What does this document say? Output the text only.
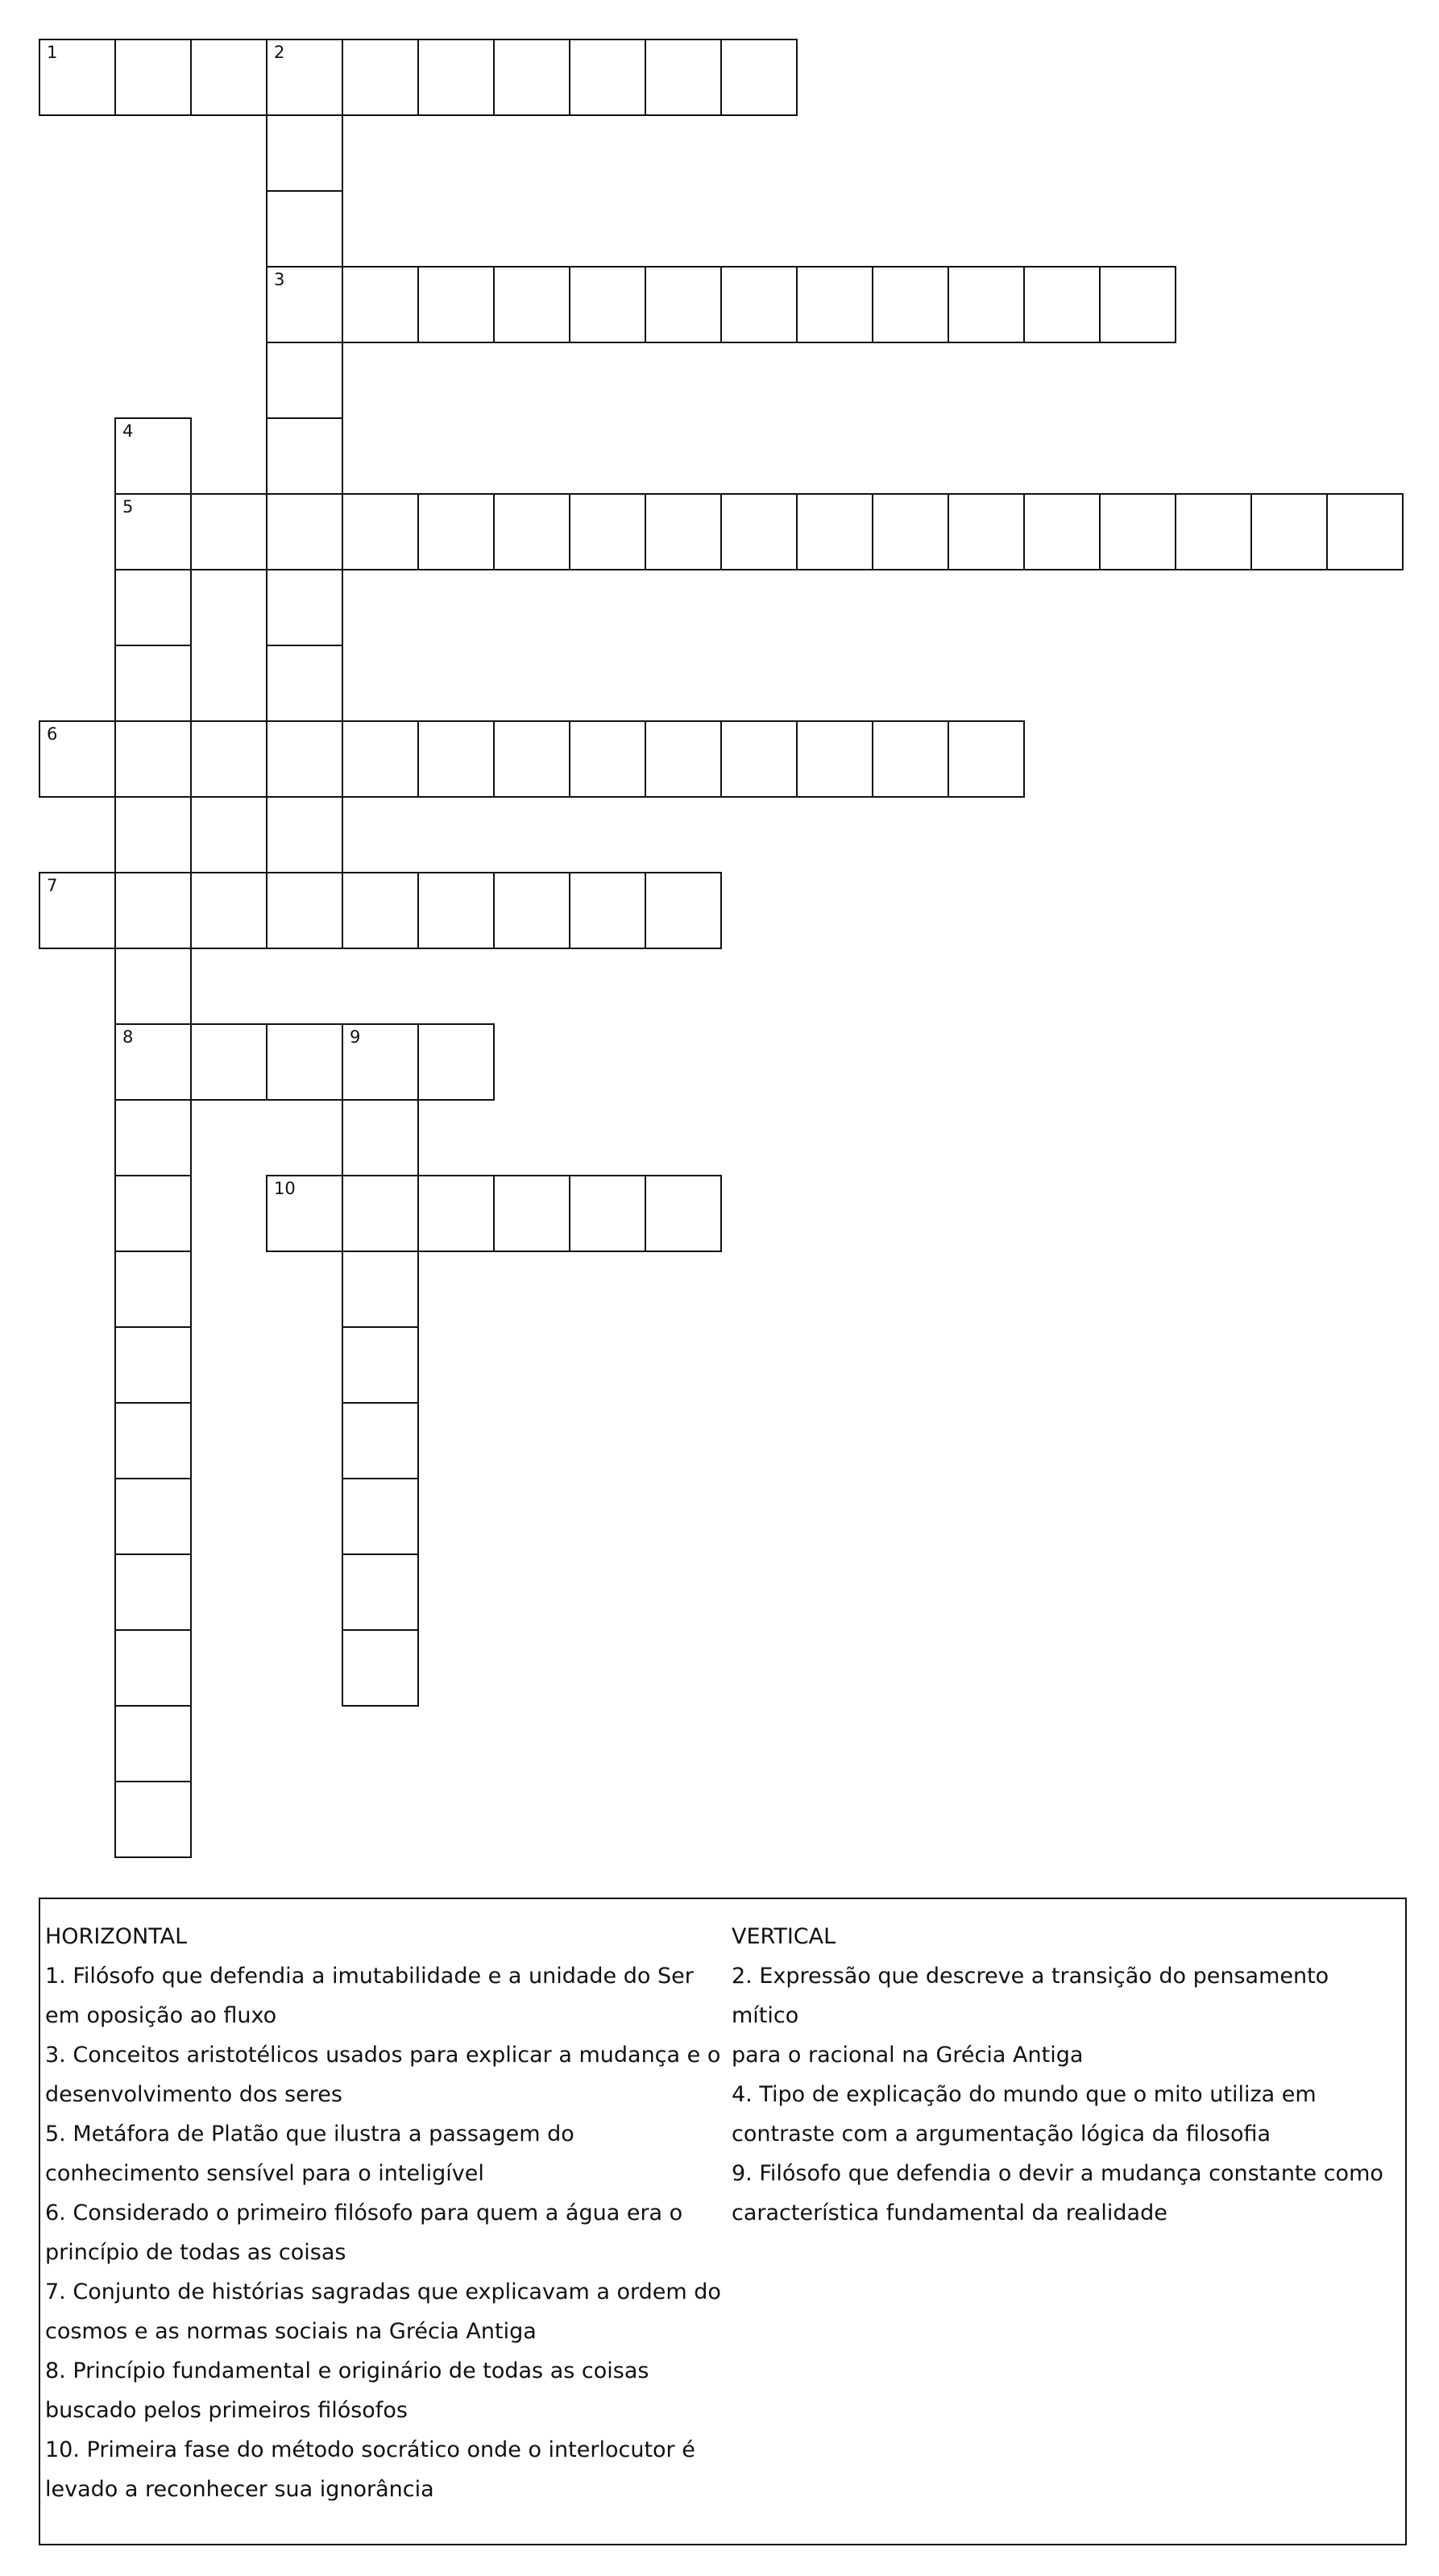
1	2
3
4
5
6
7
8	9
10

HORIZONTAL

1. Filósofo que defendia a imutabilidade e a unidade do Ser

em oposição ao fluxo

3. Conceitos aristotélicos usados para explicar a mudança e o

desenvolvimento dos seres

5. Metáfora de Platão que ilustra a passagem do

conhecimento sensível para o inteligível

6. Considerado o primeiro filósofo para quem a água era o

princípio de todas as coisas

7. Conjunto de histórias sagradas que explicavam a ordem do

cosmos e as normas sociais na Grécia Antiga

8. Princípio fundamental e originário de todas as coisas

buscado pelos primeiros filósofos

10. Primeira fase do método socrático onde o interlocutor é

levado a reconhecer sua ignorância

VERTICAL

2. Expressão que descreve a transição do pensamento mítico

para o racional na Grécia Antiga

4. Tipo de explicação do mundo que o mito utiliza em

contraste com a argumentação lógica da filosofia

9. Filósofo que defendia o devir a mudança constante como

característica fundamental da realidade
